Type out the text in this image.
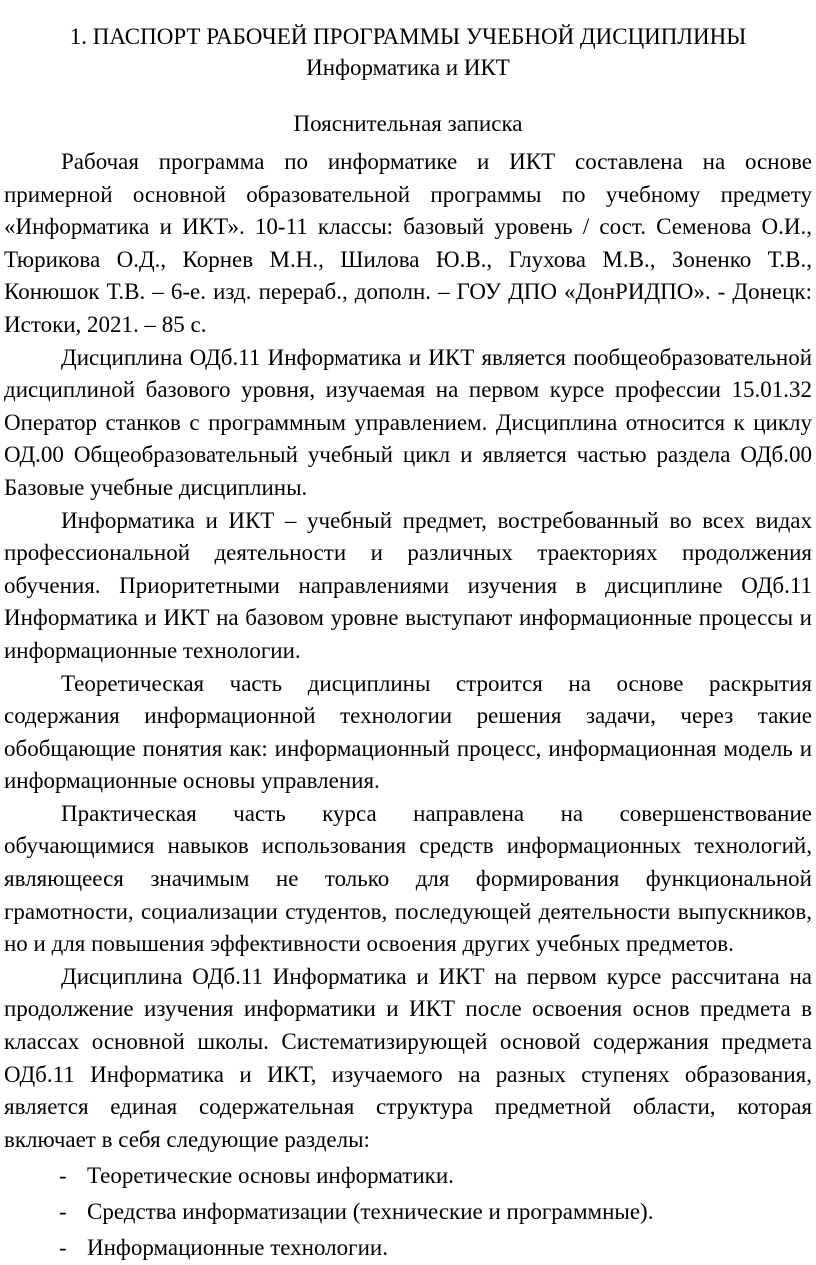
1. ПАСПОРТ РАБОЧЕЙ ПРОГРАММЫ УЧЕБНОЙ ДИСЦИПЛИНЫ
Информатика и ИКТ
Пояснительная записка

Рабочая программа по информатике и ИКТ составлена на основе примерной основной образовательной программы по учебному предмету «Информатика и ИКТ». 10-11 классы: базовый уровень / сост. Семенова О.И., Тюрикова О.Д., Корнев М.Н., Шилова Ю.В., Глухова М.В., Зоненко Т.В., Конюшок Т.В. – 6-е. изд. перераб., дополн. – ГОУ ДПО «ДонРИДПО». - Донецк: Истоки, 2021. – 85 с.

Дисциплина ОДб.11 Информатика и ИКТ является пообщеобразовательной дисциплиной базового уровня, изучаемая на первом курсе профессии 15.01.32 Оператор станков с программным управлением. Дисциплина относится к циклу ОД.00 Общеобразовательный учебный цикл и является частью раздела ОДб.00 Базовые учебные дисциплины.

Информатика и ИКТ – учебный предмет, востребованный во всех видах профессиональной деятельности и различных траекториях продолжения обучения. Приоритетными направлениями изучения в дисциплине ОДб.11 Информатика и ИКТ на базовом уровне выступают информационные процессы и информационные технологии.

Теоретическая часть дисциплины строится на основе раскрытия содержания информационной технологии решения задачи, через такие обобщающие понятия как: информационный процесс, информационная модель и информационные основы управления.

Практическая часть курса направлена на совершенствование обучающимися навыков использования средств информационных технологий, являющееся значимым не только для формирования функциональной грамотности, социализации студентов, последующей деятельности выпускников, но и для повышения эффективности освоения других учебных предметов.

Дисциплина ОДб.11 Информатика и ИКТ на первом курсе рассчитана на продолжение изучения информатики и ИКТ после освоения основ предмета в классах основной школы. Систематизирующей основой содержания предмета ОДб.11 Информатика и ИКТ, изучаемого на разных ступенях образования, является единая содержательная структура предметной области, которая включает в себя следующие разделы:

- Теоретические основы информатики.
- Средства информатизации (технические и программные).
- Информационные технологии.
